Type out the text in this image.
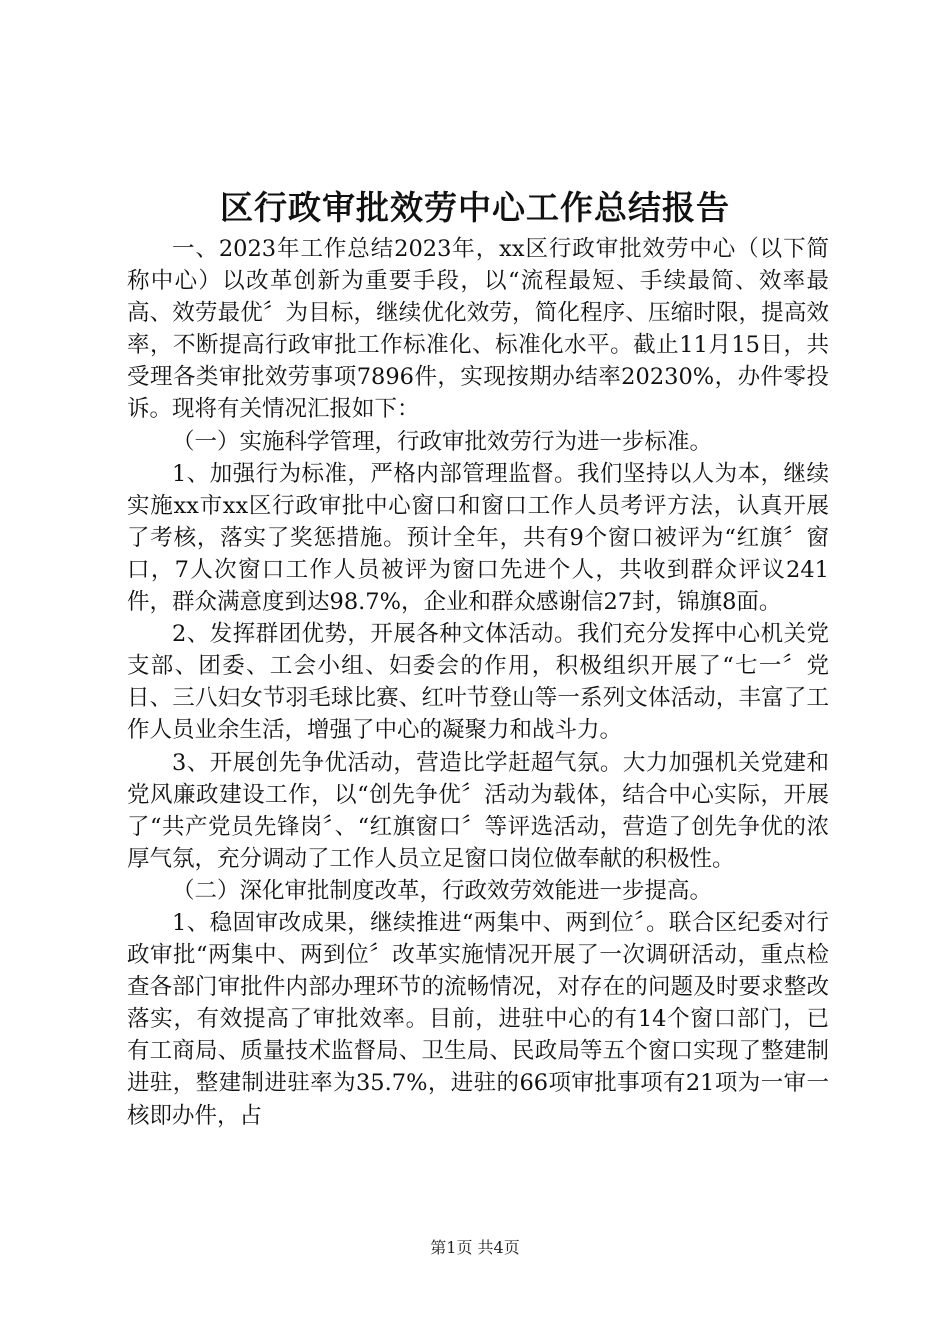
区行政审批效劳中心工作总结报告

一、2023年工作总结2023年，xx区行政审批效劳中心（以下简称中心）以改革创新为重要手段，以“流程最短、手续最简、效率最高、效劳最优〞为目标，继续优化效劳，简化程序、压缩时限，提高效率，不断提高行政审批工作标准化、标准化水平。截止11月15日，共受理各类审批效劳事项7896件，实现按期办结率20230%，办件零投诉。现将有关情况汇报如下：

（一）实施科学管理，行政审批效劳行为进一步标准。

1、加强行为标准，严格内部管理监督。我们坚持以人为本，继续实施xx市xx区行政审批中心窗口和窗口工作人员考评方法，认真开展了考核，落实了奖惩措施。预计全年，共有9个窗口被评为“红旗〞窗口，7人次窗口工作人员被评为窗口先进个人，共收到群众评议241件，群众满意度到达98.7%，企业和群众感谢信27封，锦旗8面。

2、发挥群团优势，开展各种文体活动。我们充分发挥中心机关党支部、团委、工会小组、妇委会的作用，积极组织开展了“七一〞党日、三八妇女节羽毛球比赛、红叶节登山等一系列文体活动，丰富了工作人员业余生活，增强了中心的凝聚力和战斗力。

3、开展创先争优活动，营造比学赶超气氛。大力加强机关党建和党风廉政建设工作，以“创先争优〞活动为载体，结合中心实际，开展了“共产党员先锋岗〞、“红旗窗口〞等评选活动，营造了创先争优的浓厚气氛，充分调动了工作人员立足窗口岗位做奉献的积极性。

（二）深化审批制度改革，行政效劳效能进一步提高。

1、稳固审改成果，继续推进“两集中、两到位〞。联合区纪委对行政审批“两集中、两到位〞改革实施情况开展了一次调研活动，重点检查各部门审批件内部办理环节的流畅情况，对存在的问题及时要求整改落实，有效提高了审批效率。目前，进驻中心的有14个窗口部门，已有工商局、质量技术监督局、卫生局、民政局等五个窗口实现了整建制进驻，整建制进驻率为35.7%，进驻的66项审批事项有21项为一审一核即办件，占

第1页 共4页
